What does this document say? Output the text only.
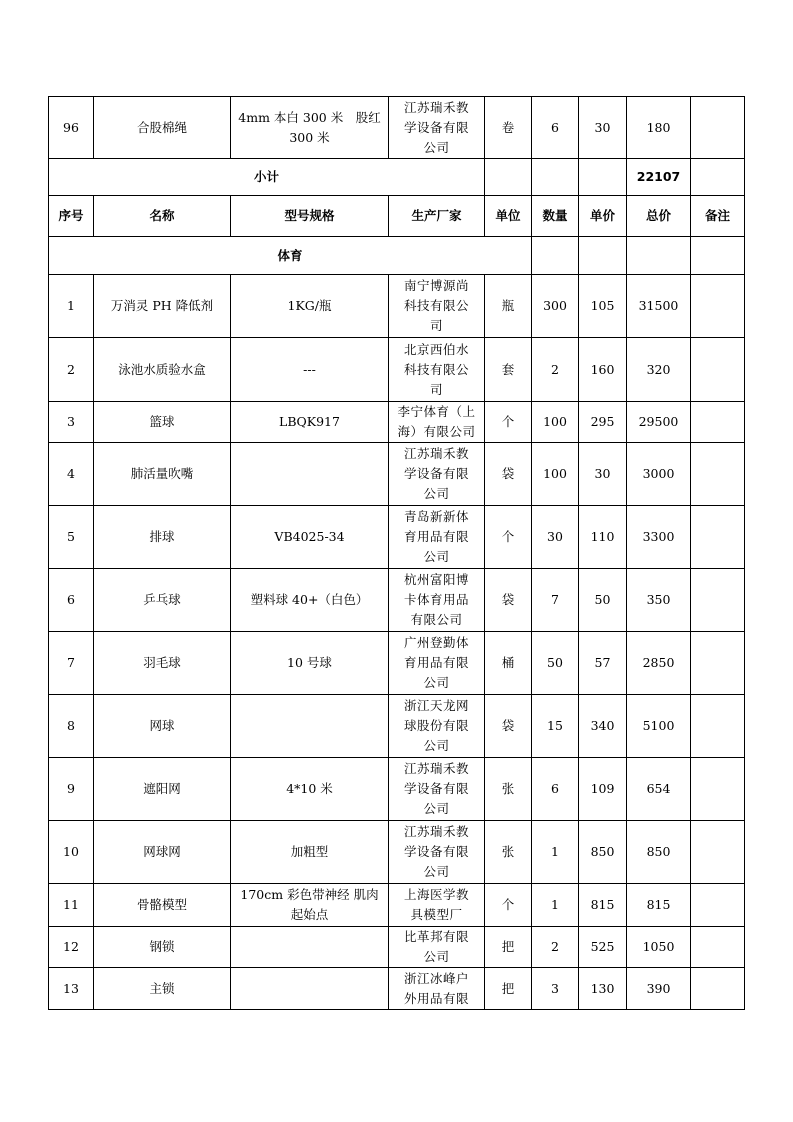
96	合股棉绳	4mm 本白 300 米　股红
300 米	江苏瑞禾教
学设备有限
公司	卷	6	30	180	
小计							22107	
序号	名称	型号规格	生产厂家	单位	数量	单价	总价	备注
体育								
1	万消灵 PH 降低剂	1KG/瓶	南宁博源尚
科技有限公
司	瓶	300	105	31500	
2	泳池水质验水盒	---	北京西伯水
科技有限公
司	套	2	160	320	
3	篮球	LBQK917	李宁体育（上
海）有限公司	个	100	295	29500	
4	肺活量吹嘴		江苏瑞禾教
学设备有限
公司	袋	100	30	3000	
5	排球	VB4025-34	青岛新新体
育用品有限
公司	个	30	110	3300	
6	乒乓球	塑料球 40+（白色）	杭州富阳博
卡体育用品
有限公司	袋	7	50	350	
7	羽毛球	10 号球	广州登勤体
育用品有限
公司	桶	50	57	2850	
8	网球		浙江天龙网
球股份有限
公司	袋	15	340	5100	
9	遮阳网	4*10 米	江苏瑞禾教
学设备有限
公司	张	6	109	654	
10	网球网	加粗型	江苏瑞禾教
学设备有限
公司	张	1	850	850	
11	骨骼模型	170cm 彩色带神经 肌肉
起始点	上海医学教
具模型厂	个	1	815	815	
12	钢锁		比革邦有限
公司	把	2	525	1050	
13	主锁		浙江冰峰户
外用品有限	把	3	130	390	
